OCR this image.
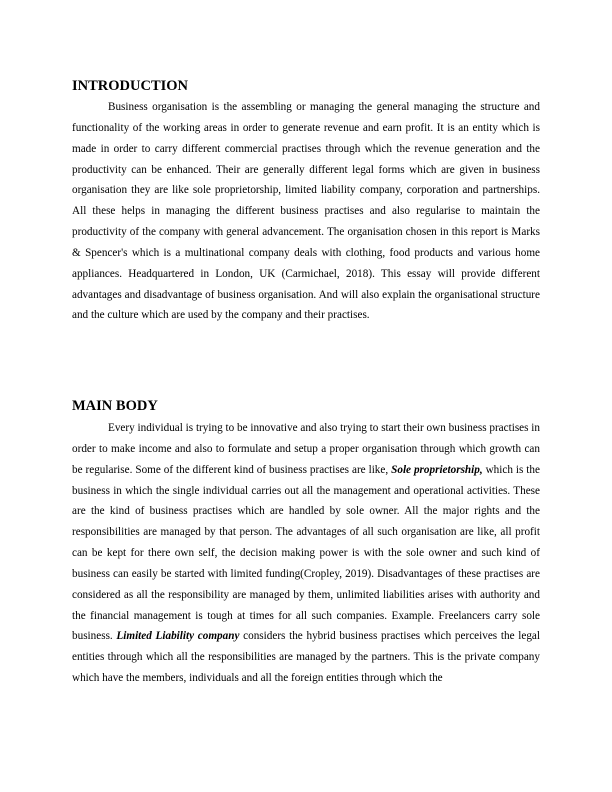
INTRODUCTION

Business organisation is the assembling or managing the general managing the structure and functionality of the working areas in order to generate revenue and earn profit. It is an entity which is made in order to carry different commercial practises through which the revenue generation and the productivity can be enhanced. Their are generally different legal forms which are given in business organisation they are like sole proprietorship, limited liability company, corporation and partnerships. All these helps in managing the different business practises and also regularise to maintain the productivity of the company with general advancement. The organisation chosen in this report is Marks & Spencer's which is a multinational company deals with clothing, food products and various home appliances. Headquartered in London, UK (Carmichael, 2018). This essay will provide different advantages and disadvantage of business organisation. And will also explain the organisational structure and the culture which are used by the company and their practises.

MAIN BODY

Every individual is trying to be innovative and also trying to start their own business practises in order to make income and also to formulate and setup a proper organisation through which growth can be regularise. Some of the different kind of business practises are like, Sole proprietorship, which is the business in which the single individual carries out all the management and operational activities. These are the kind of business practises which are handled by sole owner. All the major rights and the responsibilities are managed by that person. The advantages of all such organisation are like, all profit can be kept for there own self, the decision making power is with the sole owner and such kind of business can easily be started with limited funding(Cropley, 2019). Disadvantages of these practises are considered as all the responsibility are managed by them, unlimited liabilities arises with authority and the financial management is tough at times for all such companies. Example. Freelancers carry sole business. Limited Liability company considers the hybrid business practises which perceives the legal entities through which all the responsibilities are managed by the partners. This is the private company which have the members, individuals and all the foreign entities through which the
